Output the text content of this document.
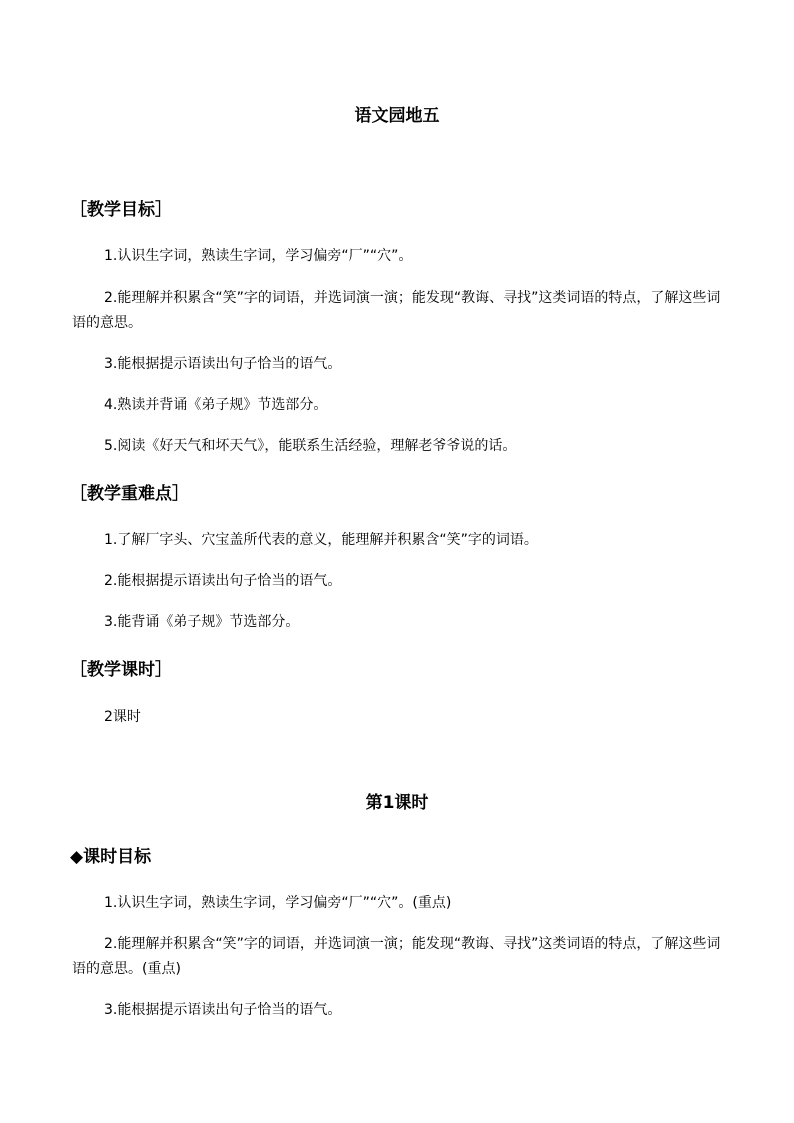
语文园地五
［教学目标］
1.认识生字词，熟读生字词，学习偏旁“厂”“穴”。
2.能理解并积累含“笑”字的词语，并选词演一演；能发现“教诲、寻找”这类词语的特点，了解这些词语的意思。
3.能根据提示语读出句子恰当的语气。
4.熟读并背诵《弟子规》节选部分。
5.阅读《好天气和坏天气》，能联系生活经验，理解老爷爷说的话。
［教学重难点］
1.了解厂字头、穴宝盖所代表的意义，能理解并积累含“笑”字的词语。
2.能根据提示语读出句子恰当的语气。
3.能背诵《弟子规》节选部分。
［教学课时］
2课时
第1课时
◆课时目标
1.认识生字词，熟读生字词，学习偏旁“厂”“穴”。(重点)
2.能理解并积累含“笑”字的词语，并选词演一演；能发现“教诲、寻找”这类词语的特点，了解这些词语的意思。(重点)
3.能根据提示语读出句子恰当的语气。
